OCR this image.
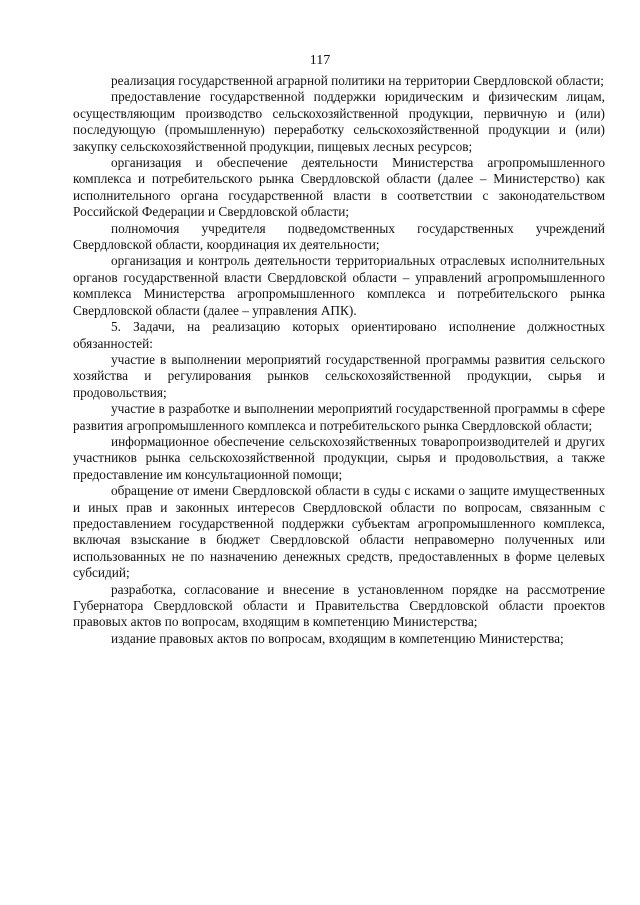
117

реализация государственной аграрной политики на территории Свердловской области;

предоставление государственной поддержки юридическим и физическим лицам, осуществляющим производство сельскохозяйственной продукции, первичную и (или) последующую (промышленную) переработку сельскохозяйственной продукции и (или) закупку сельскохозяйственной продукции, пищевых лесных ресурсов;

организация и обеспечение деятельности Министерства агропромышленного комплекса и потребительского рынка Свердловской области (далее – Министерство) как исполнительного органа государственной власти в соответствии с законодательством Российской Федерации и Свердловской области;

полномочия учредителя подведомственных государственных учреждений Свердловской области, координация их деятельности;

организация и контроль деятельности территориальных отраслевых исполнительных органов государственной власти Свердловской области – управлений агропромышленного комплекса Министерства агропромышленного комплекса и потребительского рынка Свердловской области (далее – управления АПК).

5. Задачи, на реализацию которых ориентировано исполнение должностных обязанностей:

участие в выполнении мероприятий государственной программы развития сельского хозяйства и регулирования рынков сельскохозяйственной продукции, сырья и продовольствия;

участие в разработке и выполнении мероприятий государственной программы в сфере развития агропромышленного комплекса и потребительского рынка Свердловской области;

информационное обеспечение сельскохозяйственных товаропроизводителей и других участников рынка сельскохозяйственной продукции, сырья и продовольствия, а также предоставление им консультационной помощи;

обращение от имени Свердловской области в суды с исками о защите имущественных и иных прав и законных интересов Свердловской области по вопросам, связанным с предоставлением государственной поддержки субъектам агропромышленного комплекса, включая взыскание в бюджет Свердловской области неправомерно полученных или использованных не по назначению денежных средств, предоставленных в форме целевых субсидий;

разработка, согласование и внесение в установленном порядке на рассмотрение Губернатора Свердловской области и Правительства Свердловской области проектов правовых актов по вопросам, входящим в компетенцию Министерства;

издание правовых актов по вопросам, входящим в компетенцию Министерства;
